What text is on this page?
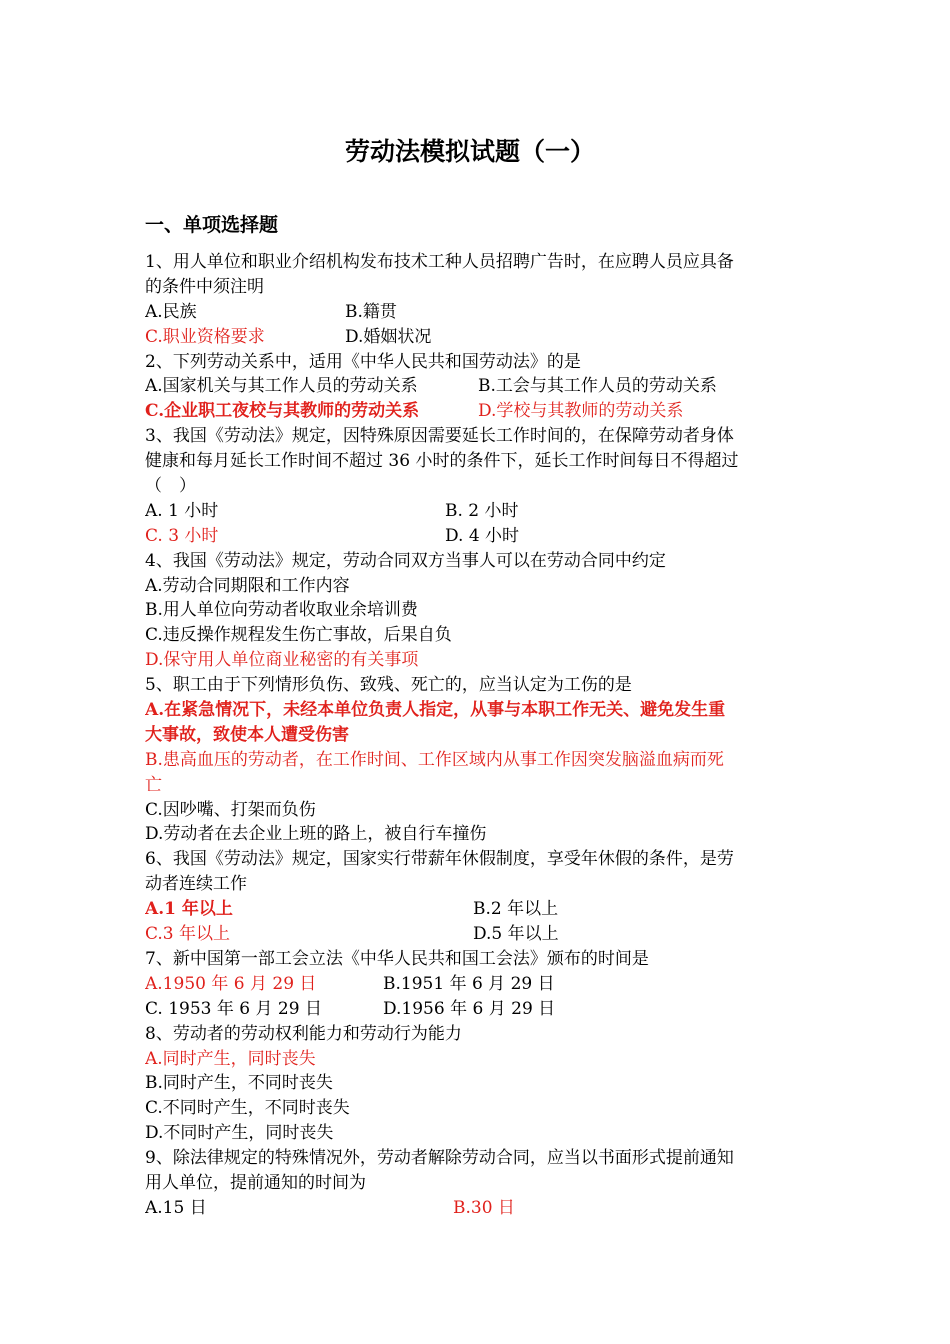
劳动法模拟试题（一）
一、单项选择题
1、用人单位和职业介绍机构发布技术工种人员招聘广告时，在应聘人员应具备
的条件中须注明
A.民族	B.籍贯
C.职业资格要求	D.婚姻状况
2、下列劳动关系中，适用《中华人民共和国劳动法》的是
A.国家机关与其工作人员的劳动关系	B.工会与其工作人员的劳动关系
C.企业职工夜校与其教师的劳动关系	D.学校与其教师的劳动关系
3、我国《劳动法》规定，因特殊原因需要延长工作时间的，在保障劳动者身体
健康和每月延长工作时间不超过 36 小时的条件下，延长工作时间每日不得超过
（　）
A. 1 小时	B. 2 小时
C. 3 小时	D. 4 小时
4、我国《劳动法》规定，劳动合同双方当事人可以在劳动合同中约定
A.劳动合同期限和工作内容
B.用人单位向劳动者收取业余培训费
C.违反操作规程发生伤亡事故，后果自负
D.保守用人单位商业秘密的有关事项
5、职工由于下列情形负伤、致残、死亡的，应当认定为工伤的是
A.在紧急情况下，未经本单位负责人指定，从事与本职工作无关、避免发生重
大事故，致使本人遭受伤害
B.患高血压的劳动者，在工作时间、工作区域内从事工作因突发脑溢血病而死
亡
C.因吵嘴、打架而负伤
D.劳动者在去企业上班的路上，被自行车撞伤
6、我国《劳动法》规定，国家实行带薪年休假制度，享受年休假的条件，是劳
动者连续工作
A.1 年以上	B.2 年以上
C.3 年以上	D.5 年以上
7、新中国第一部工会立法《中华人民共和国工会法》颁布的时间是
A.1950 年 6 月 29 日	B.1951 年 6 月 29 日
C. 1953 年 6 月 29 日	D.1956 年 6 月 29 日
8、劳动者的劳动权利能力和劳动行为能力
A.同时产生，同时丧失
B.同时产生，不同时丧失
C.不同时产生，不同时丧失
D.不同时产生，同时丧失
9、除法律规定的特殊情况外，劳动者解除劳动合同，应当以书面形式提前通知
用人单位，提前通知的时间为
A.15 日	B.30 日
